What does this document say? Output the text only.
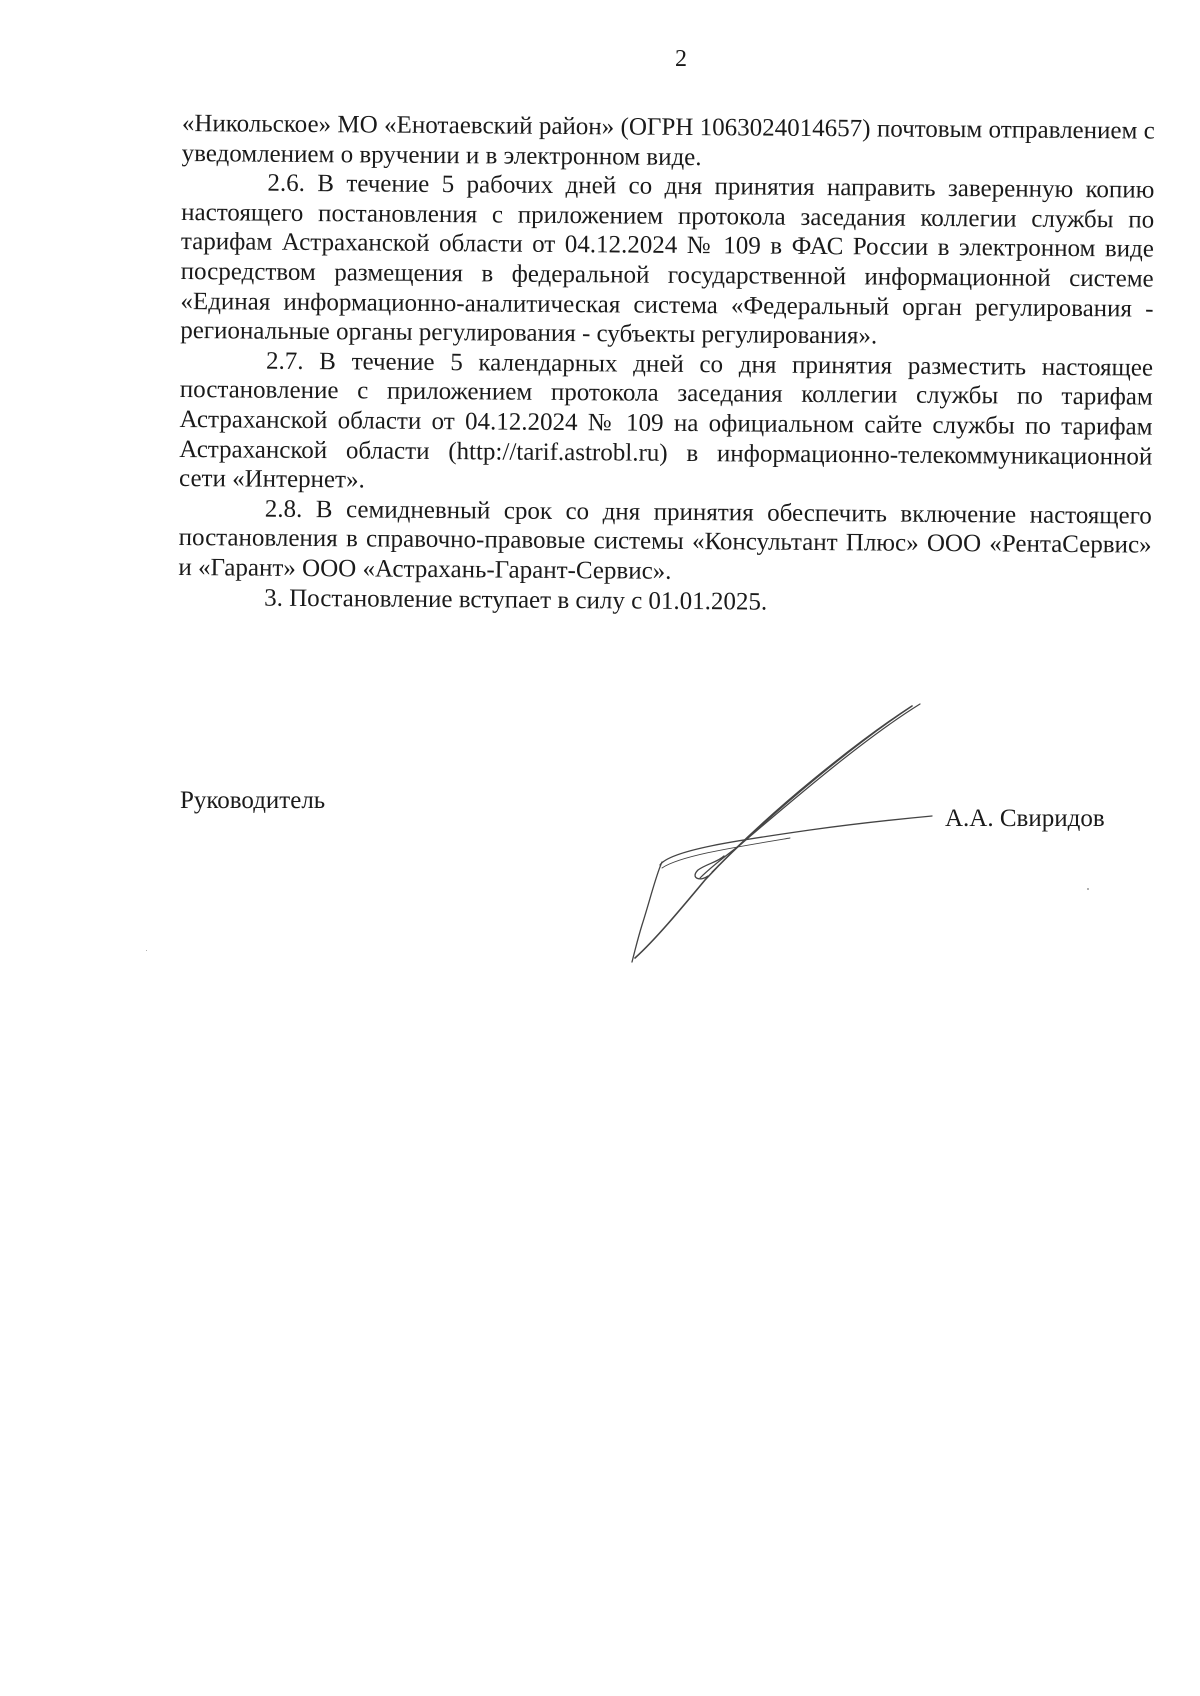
2

«Никольское» МО «Енотаевский район» (ОГРН 1063024014657) почтовым отправлением с уведомлением о вручении и в электронном виде.

2.6. В течение 5 рабочих дней со дня принятия направить заверенную копию настоящего постановления с приложением протокола заседания коллегии службы по тарифам Астраханской области от 04.12.2024 № 109 в ФАС России в электронном виде посредством размещения в федеральной государственной информационной системе «Единая информационно-аналитическая система «Федеральный орган регулирования - региональные органы регулирования - субъекты регулирования».

2.7. В течение 5 календарных дней со дня принятия разместить настоящее постановление с приложением протокола заседания коллегии службы по тарифам Астраханской области от 04.12.2024 № 109 на официальном сайте службы по тарифам Астраханской области (http://tarif.astrobl.ru) в информационно-телекоммуникационной сети «Интернет».

2.8. В семидневный срок со дня принятия обеспечить включение настоящего постановления в справочно-правовые системы «Консультант Плюс» ООО «РентаСервис» и «Гарант» ООО «Астрахань-Гарант-Сервис».

3. Постановление вступает в силу с 01.01.2025.

Руководитель
А.А. Свиридов
